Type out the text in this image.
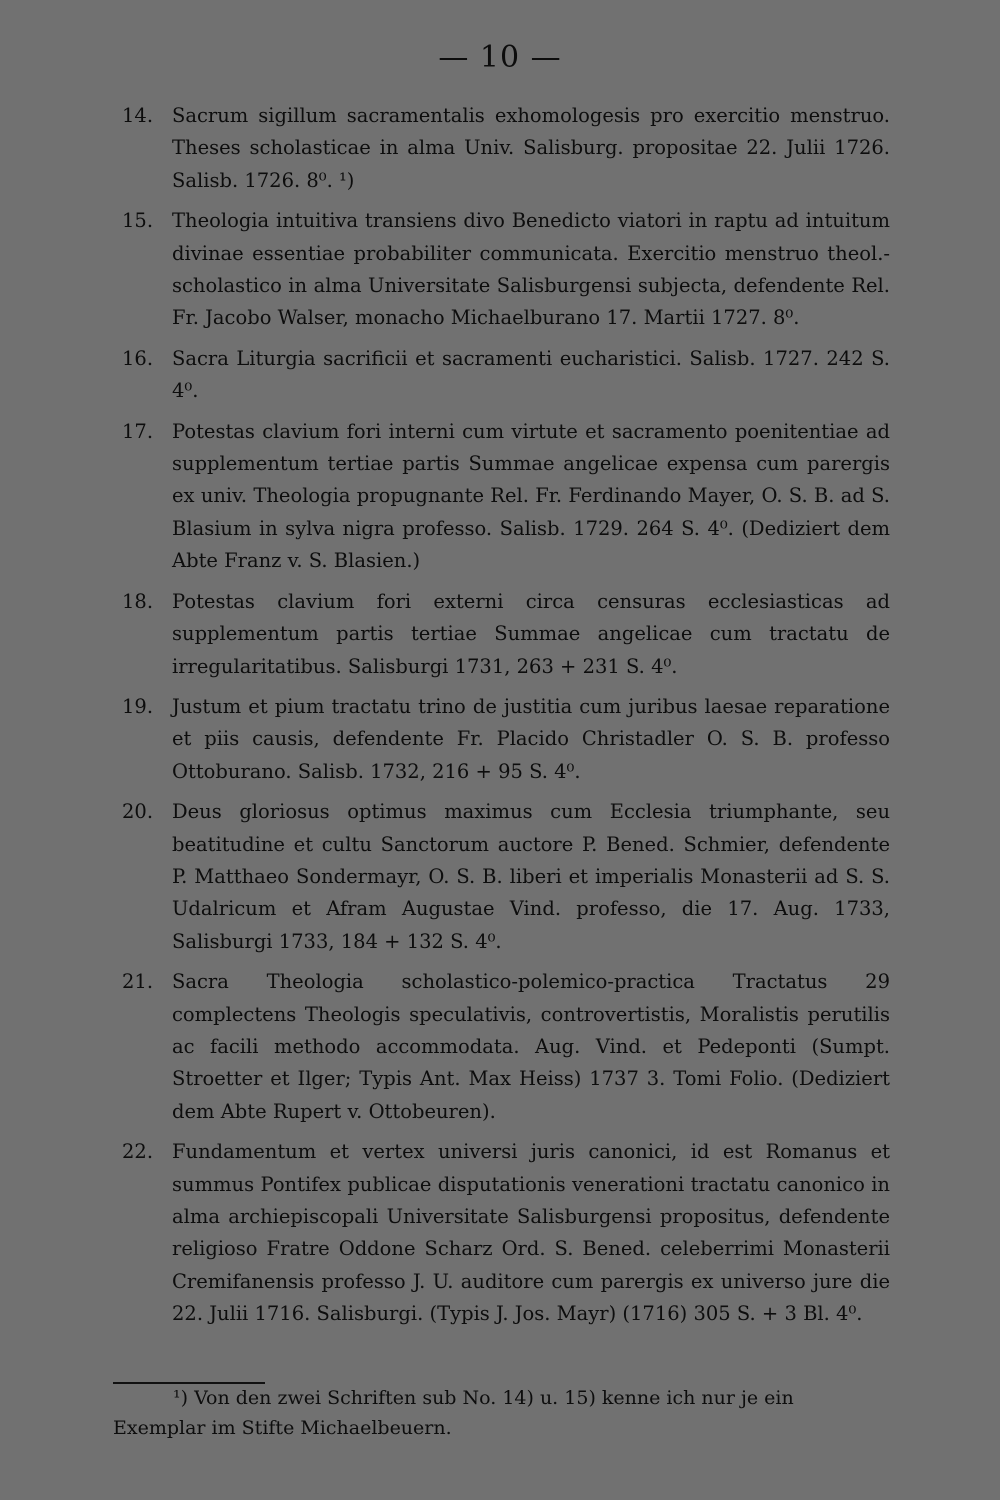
— 10 —

14. Sacrum sigillum sacramentalis exhomologesis pro exercitio menstruo. Theses scholasticae in alma Univ. Salisburg. propositae 22. Julii 1726. Salisb. 1726. 8⁰. ¹)

15. Theologia intuitiva transiens divo Benedicto viatori in raptu ad intuitum divinae essentiae probabiliter communicata. Exercitio menstruo theol.-scholastico in alma Universitate Salisburgensi subjecta, defendente Rel. Fr. Jacobo Walser, monacho Michaelburano 17. Martii 1727. 8⁰.

16. Sacra Liturgia sacrificii et sacramenti eucharistici. Salisb. 1727. 242 S. 4⁰.

17. Potestas clavium fori interni cum virtute et sacramento poenitentiae ad supplementum tertiae partis Summae angelicae expensa cum parergis ex univ. Theologia propugnante Rel. Fr. Ferdinando Mayer, O. S. B. ad S. Blasium in sylva nigra professo. Salisb. 1729. 264 S. 4⁰. (Dediziert dem Abte Franz v. S. Blasien.)

18. Potestas clavium fori externi circa censuras ecclesiasticas ad supplementum partis tertiae Summae angelicae cum tractatu de irregularitatibus. Salisburgi 1731, 263 + 231 S. 4⁰.

19. Justum et pium tractatu trino de justitia cum juribus laesae reparatione et piis causis, defendente Fr. Placido Christadler O. S. B. professo Ottoburano. Salisb. 1732, 216 + 95 S. 4⁰.

20. Deus gloriosus optimus maximus cum Ecclesia triumphante, seu beatitudine et cultu Sanctorum auctore P. Bened. Schmier, defendente P. Matthaeo Sondermayr, O. S. B. liberi et imperialis Monasterii ad S. S. Udalricum et Afram Augustae Vind. professo, die 17. Aug. 1733, Salisburgi 1733, 184 + 132 S. 4⁰.

21. Sacra Theologia scholastico-polemico-practica Tractatus 29 complectens Theologis speculativis, controvertistis, Moralistis perutilis ac facili methodo accommodata. Aug. Vind. et Pedeponti (Sumpt. Stroetter et Ilger; Typis Ant. Max Heiss) 1737 3. Tomi Folio. (Dediziert dem Abte Rupert v. Ottobeuren).

22. Fundamentum et vertex universi juris canonici, id est Romanus et summus Pontifex publicae disputationis venerationi tractatu canonico in alma archiepiscopali Universitate Salisburgensi propositus, defendente religioso Fratre Oddone Scharz Ord. S. Bened. celeberrimi Monasterii Cremifanensis professo J. U. auditore cum parergis ex universo jure die 22. Julii 1716. Salisburgi. (Typis J. Jos. Mayr) (1716) 305 S. + 3 Bl. 4⁰.

¹) Von den zwei Schriften sub No. 14) u. 15) kenne ich nur je ein Exemplar im Stifte Michaelbeuern.
